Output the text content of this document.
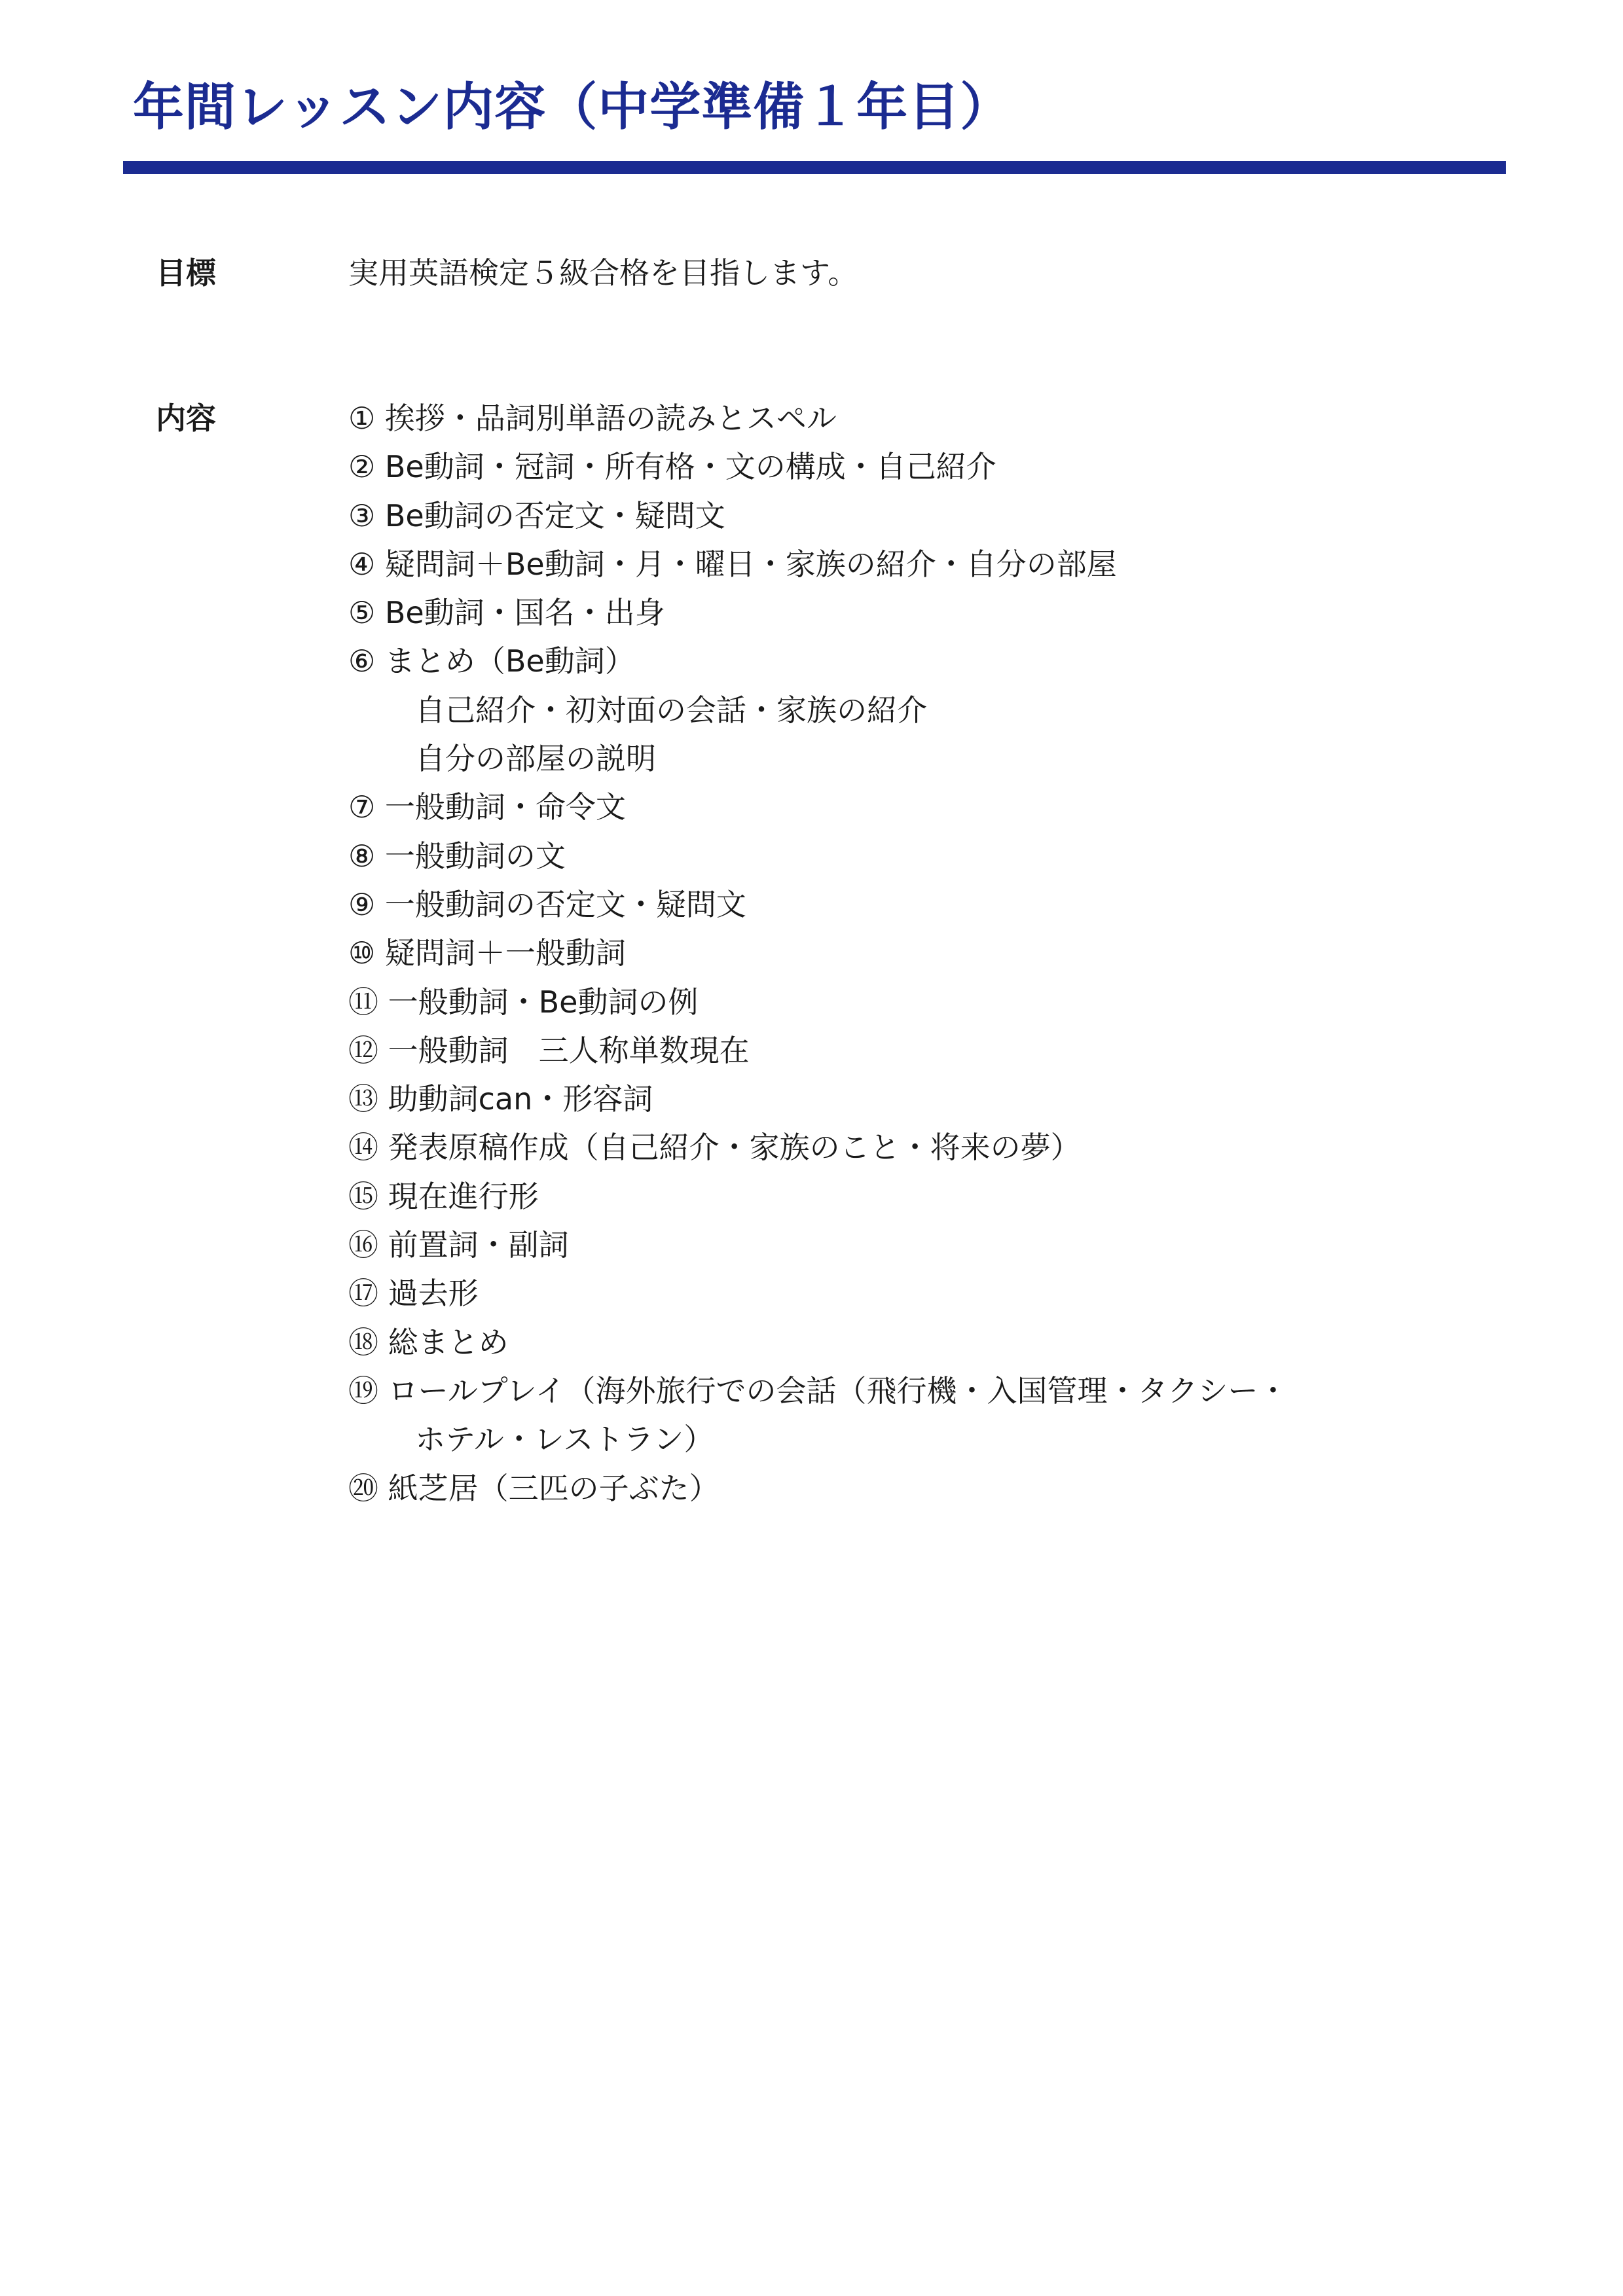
年間レッスン内容（中学準備１年目）
目標	実用英語検定５級合格を目指します。
内容	① 挨拶・品詞別単語の読みとスペル
② Be動詞・冠詞・所有格・文の構成・自己紹介
③ Be動詞の否定文・疑問文
④ 疑問詞＋Be動詞・月・曜日・家族の紹介・自分の部屋
⑤ Be動詞・国名・出身
⑥ まとめ（Be動詞）
自己紹介・初対面の会話・家族の紹介
自分の部屋の説明
⑦ 一般動詞・命令文
⑧ 一般動詞の文
⑨ 一般動詞の否定文・疑問文
⑩ 疑問詞＋一般動詞
⑪ 一般動詞・Be動詞の例
⑫ 一般動詞　三人称単数現在
⑬ 助動詞can・形容詞
⑭ 発表原稿作成（自己紹介・家族のこと・将来の夢）
⑮ 現在進行形
⑯ 前置詞・副詞
⑰ 過去形
⑱ 総まとめ
⑲ ロールプレイ（海外旅行での会話（飛行機・入国管理・タクシー・
ホテル・レストラン）
⑳ 紙芝居（三匹の子ぶた）
